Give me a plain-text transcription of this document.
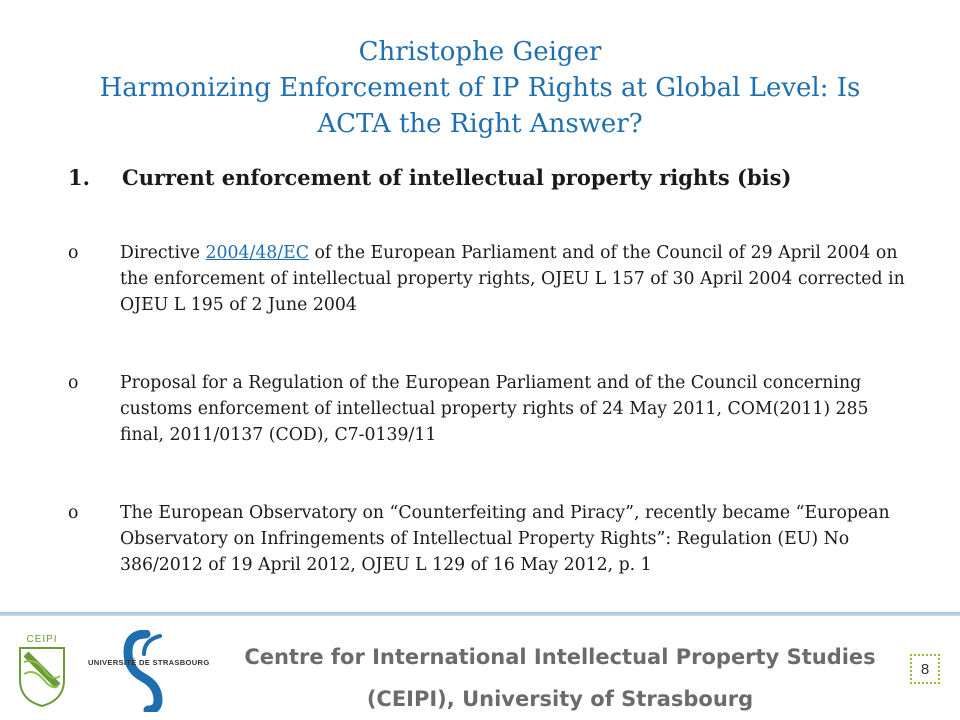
Christophe Geiger
Harmonizing Enforcement of IP Rights at Global Level: Is ACTA the Right Answer?
1. Current enforcement of intellectual property rights (bis)
o Directive 2004/48/EC of the European Parliament and of the Council of 29 April 2004 on the enforcement of intellectual property rights, OJEU L 157 of 30 April 2004 corrected in OJEU L 195 of 2 June 2004
o Proposal for a Regulation of the European Parliament and of the Council concerning customs enforcement of intellectual property rights of 24 May 2011, COM(2011) 285 final, 2011/0137 (COD), C7-0139/11
o The European Observatory on “Counterfeiting and Piracy”, recently became “European Observatory on Infringements of Intellectual Property Rights”: Regulation (EU) No 386/2012 of 19 April 2012, OJEU L 129 of 16 May 2012, p. 1
CEIPI
UNIVERSITÉ DE STRASBOURG	Centre for International Intellectual Property Studies
(CEIPI), University of Strasbourg
8
